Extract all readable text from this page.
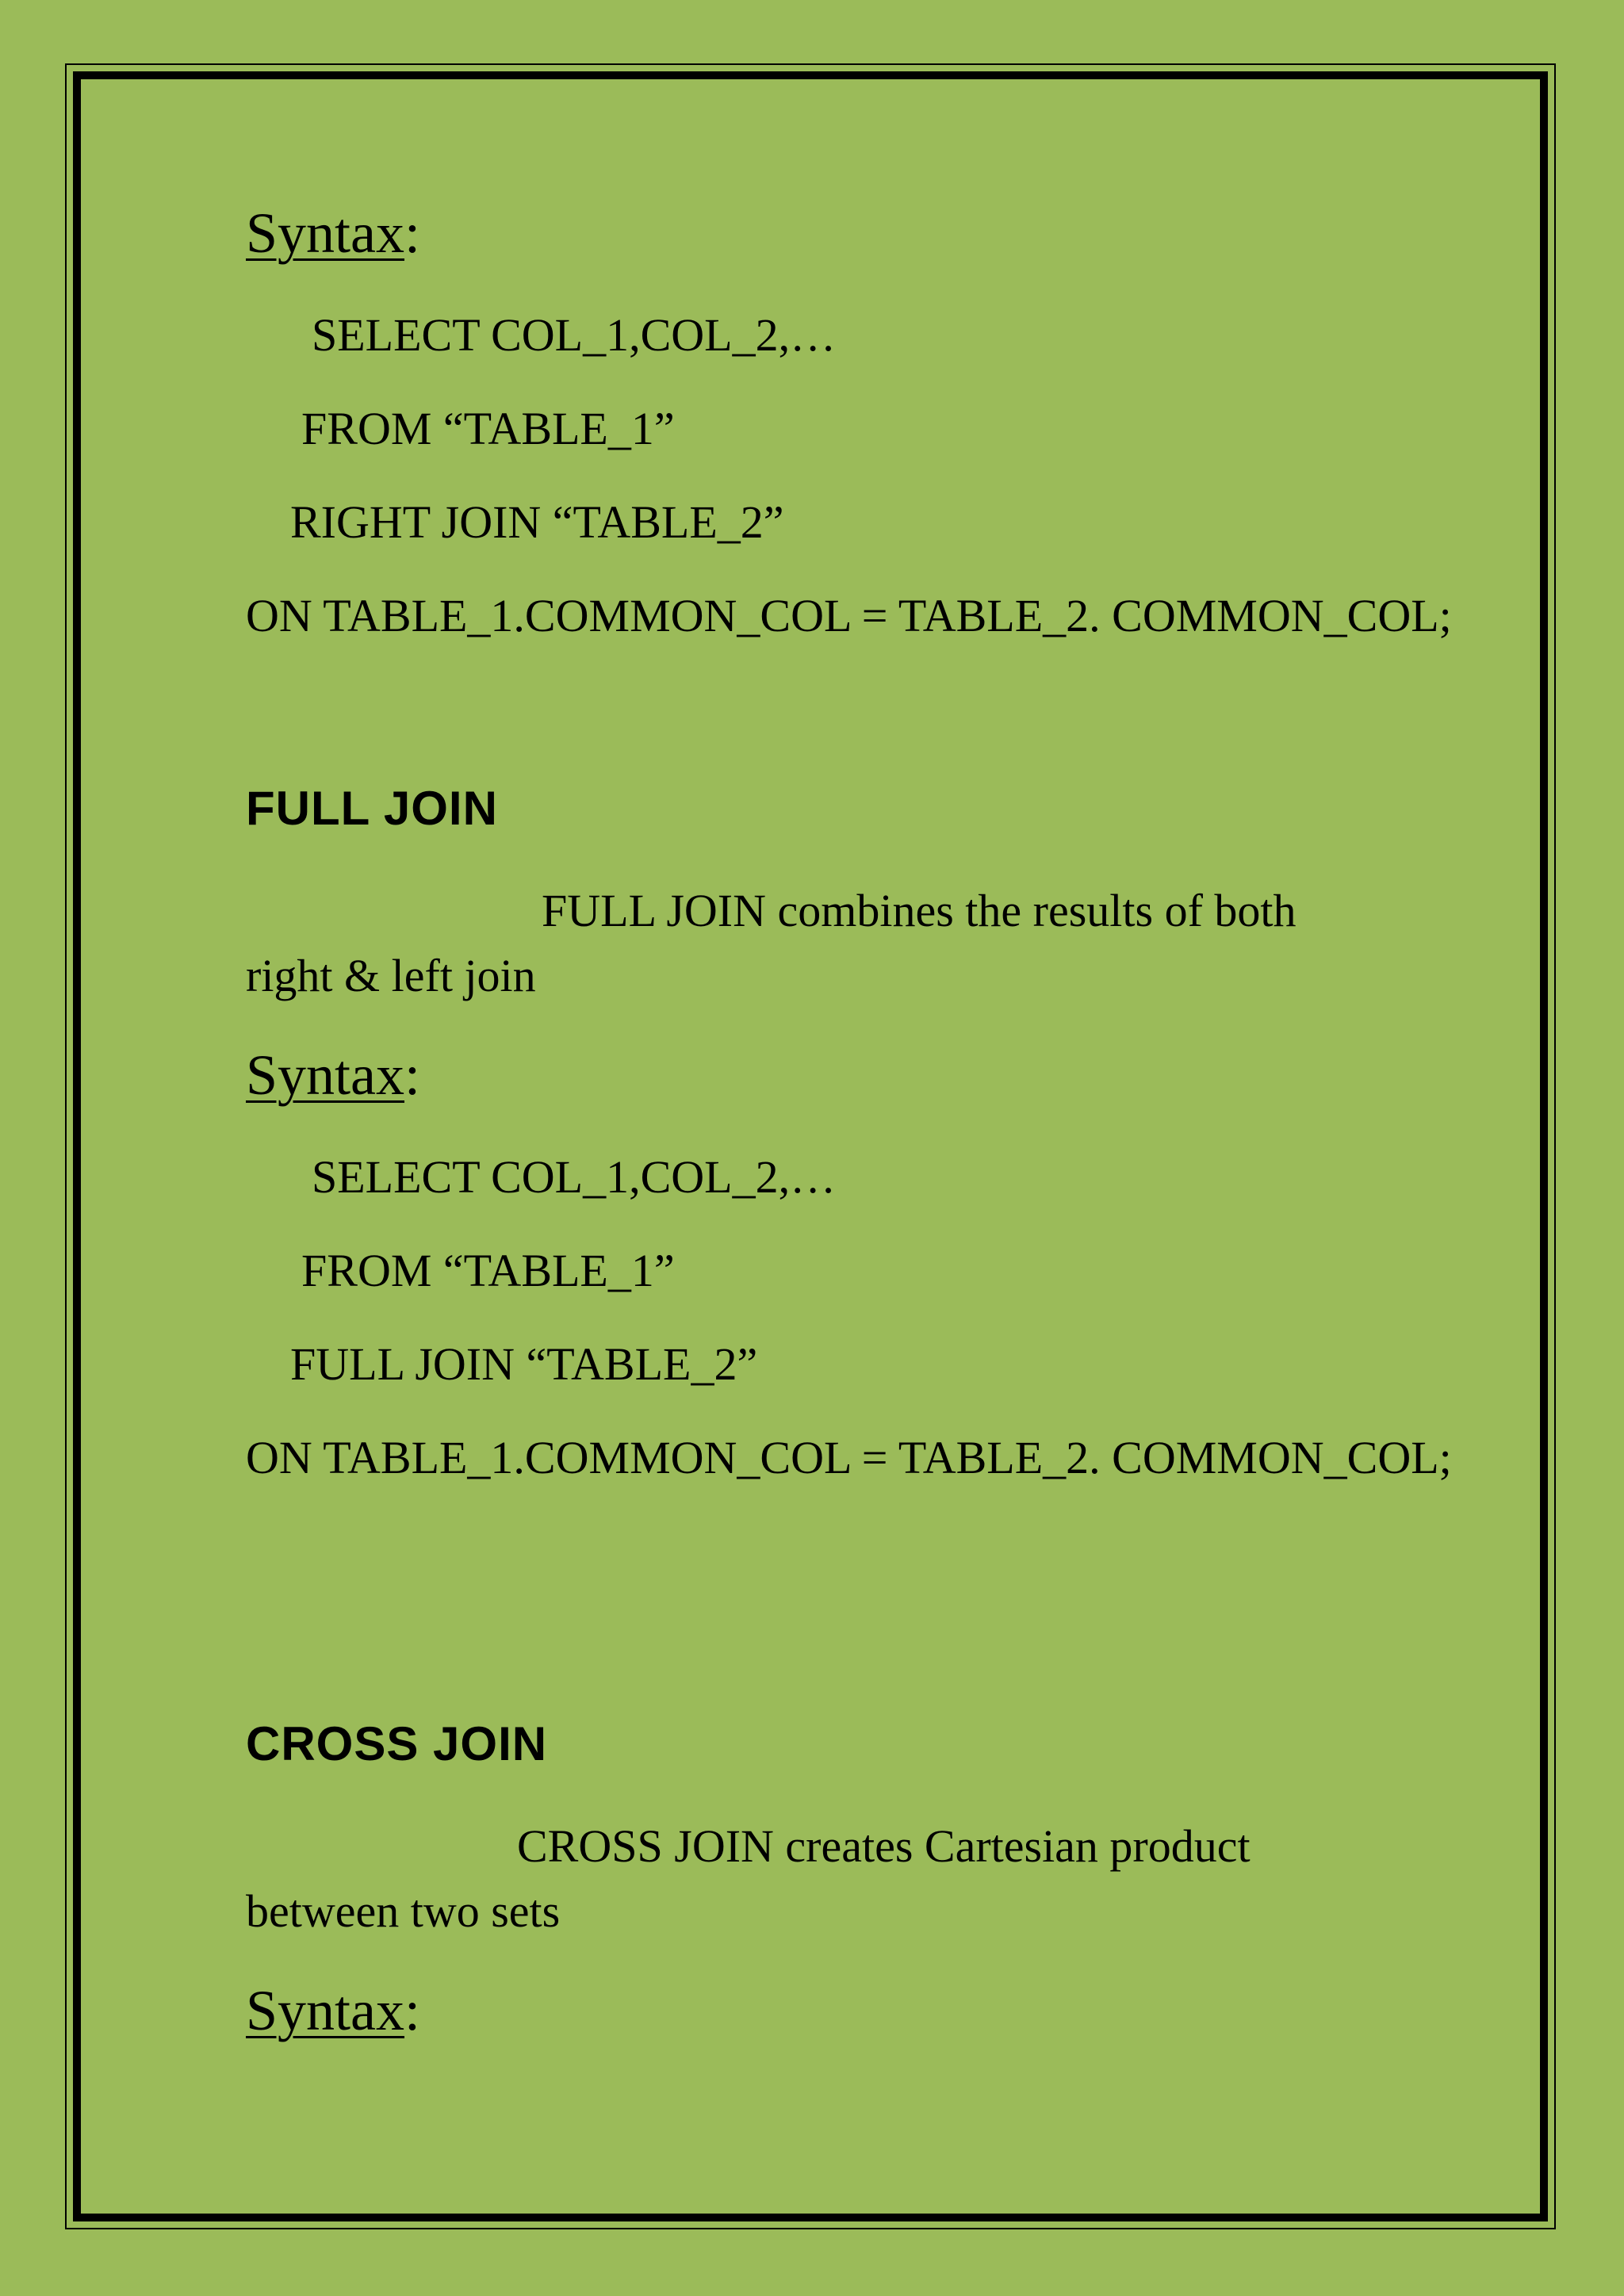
Syntax:
SELECT COL_1,COL_2,…
FROM “TABLE_1”
RIGHT JOIN “TABLE_2”
ON TABLE_1.COMMON_COL = TABLE_2. COMMON_COL;
FULL JOIN
FULL JOIN combines the results of both
right & left join
Syntax:
SELECT COL_1,COL_2,…
FROM “TABLE_1”
FULL JOIN “TABLE_2”
ON TABLE_1.COMMON_COL = TABLE_2. COMMON_COL;
CROSS JOIN
CROSS JOIN creates Cartesian product
between two sets
Syntax:
